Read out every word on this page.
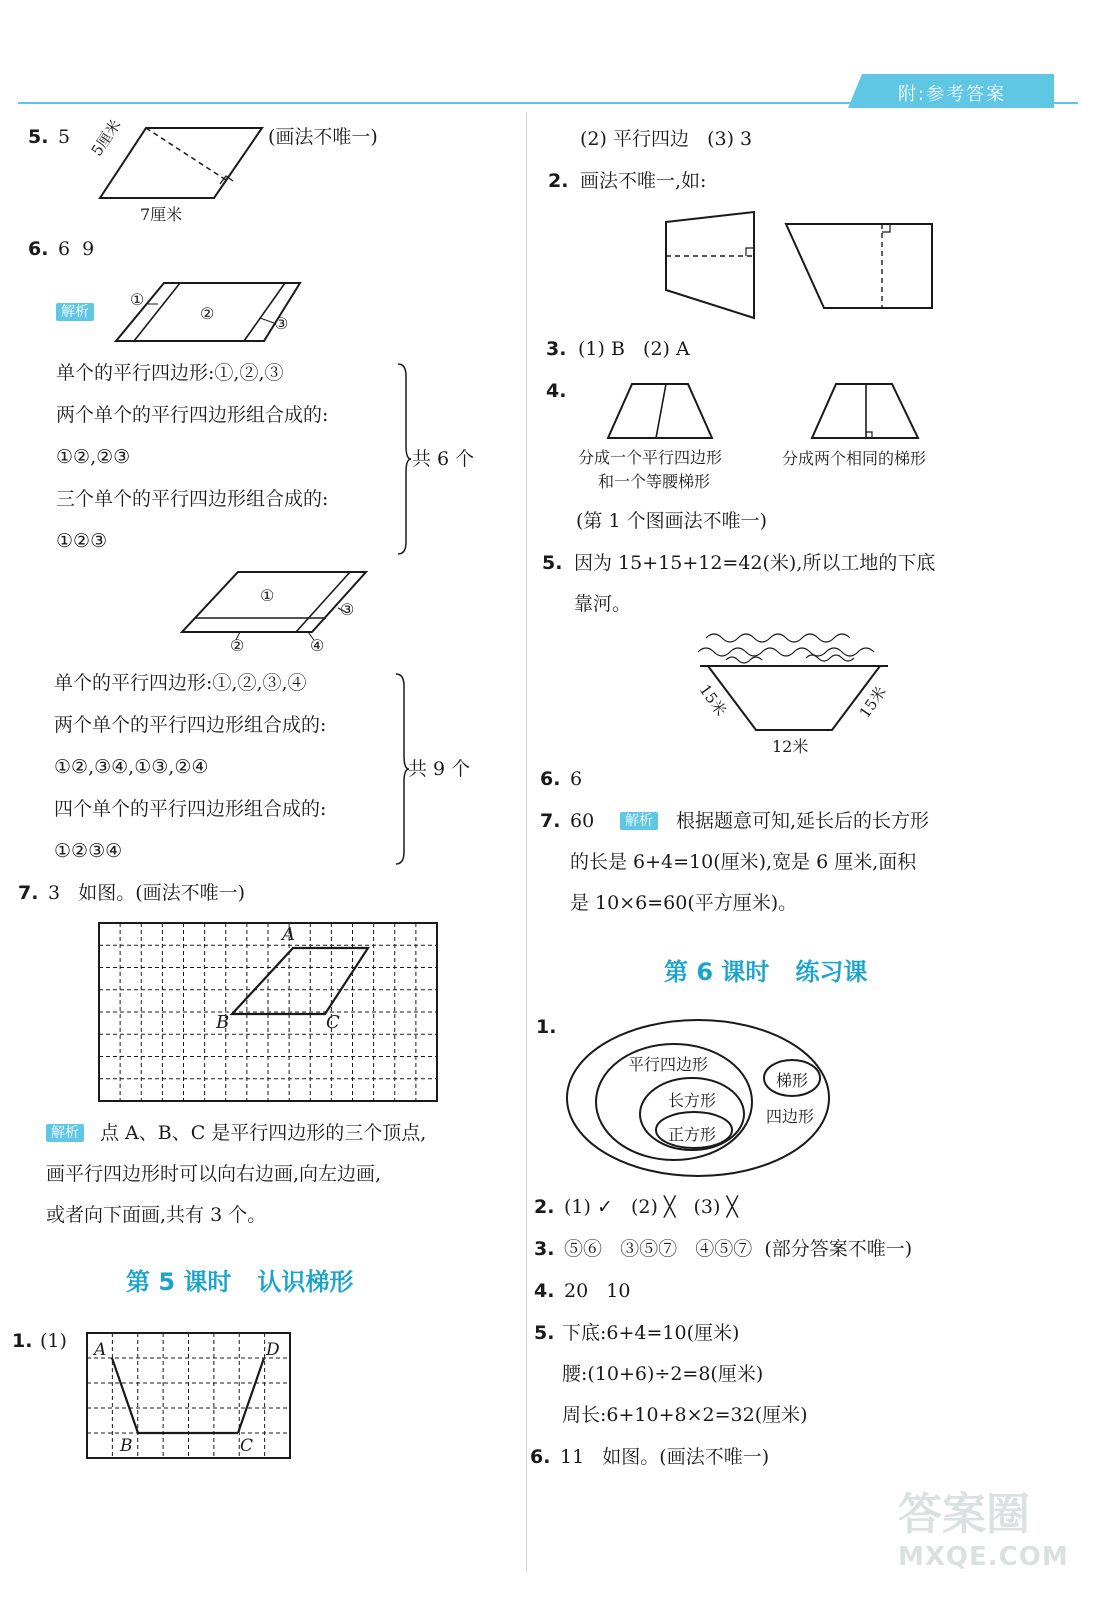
附:参考答案
5. 5 5厘米
7厘米
(画法不唯一)
6. 6  9
解析
①
②
③
单个的平行四边形:①,②,③
两个单个的平行四边形组合成的:
①②,②③
三个单个的平行四边形组合成的:
①②③
共 6 个
①
③
②	④
单个的平行四边形:①,②,③,④
两个单个的平行四边形组合成的:
①②,③④,①③,②④
四个单个的平行四边形组合成的:
①②③④
共 9 个
7. 3   如图。(画法不唯一)
A
B	C
解析 点 A、B、C 是平行四边形的三个顶点,
画平行四边形时可以向右边画,向左边画,
或者向下面画,共有 3 个。
第 5 课时 认识梯形
1. (1) A	D
B	C
(2) 平行四边   (3) 3
2. 画法不唯一,如:
3. (1) B   (2) A
4.
分成一个平行四边形
和一个等腰梯形
分成两个相同的梯形
(第 1 个图画法不唯一)
5. 因为 15+15+12=42(米),所以工地的下底
靠河。
15米	15米
12米
6. 6
7. 60	解析 根据题意可知,延长后的长方形
的长是 6+4=10(厘米),宽是 6 厘米,面积
是 10×6=60(平方厘米)。
第 6 课时 练习课
1.
平行四边形
长方形
正方形
梯形
四边形
2. (1) ✓   (2) ╳   (3) ╳
3. ⑤⑥   ③⑤⑦   ④⑤⑦  (部分答案不唯一)
4. 20   10
5. 下底:6+4=10(厘米)
腰:(10+6)÷2=8(厘米)
周长:6+10+8×2=32(厘米)
6. 11   如图。(画法不唯一)
答案圈
MXQE.COM
